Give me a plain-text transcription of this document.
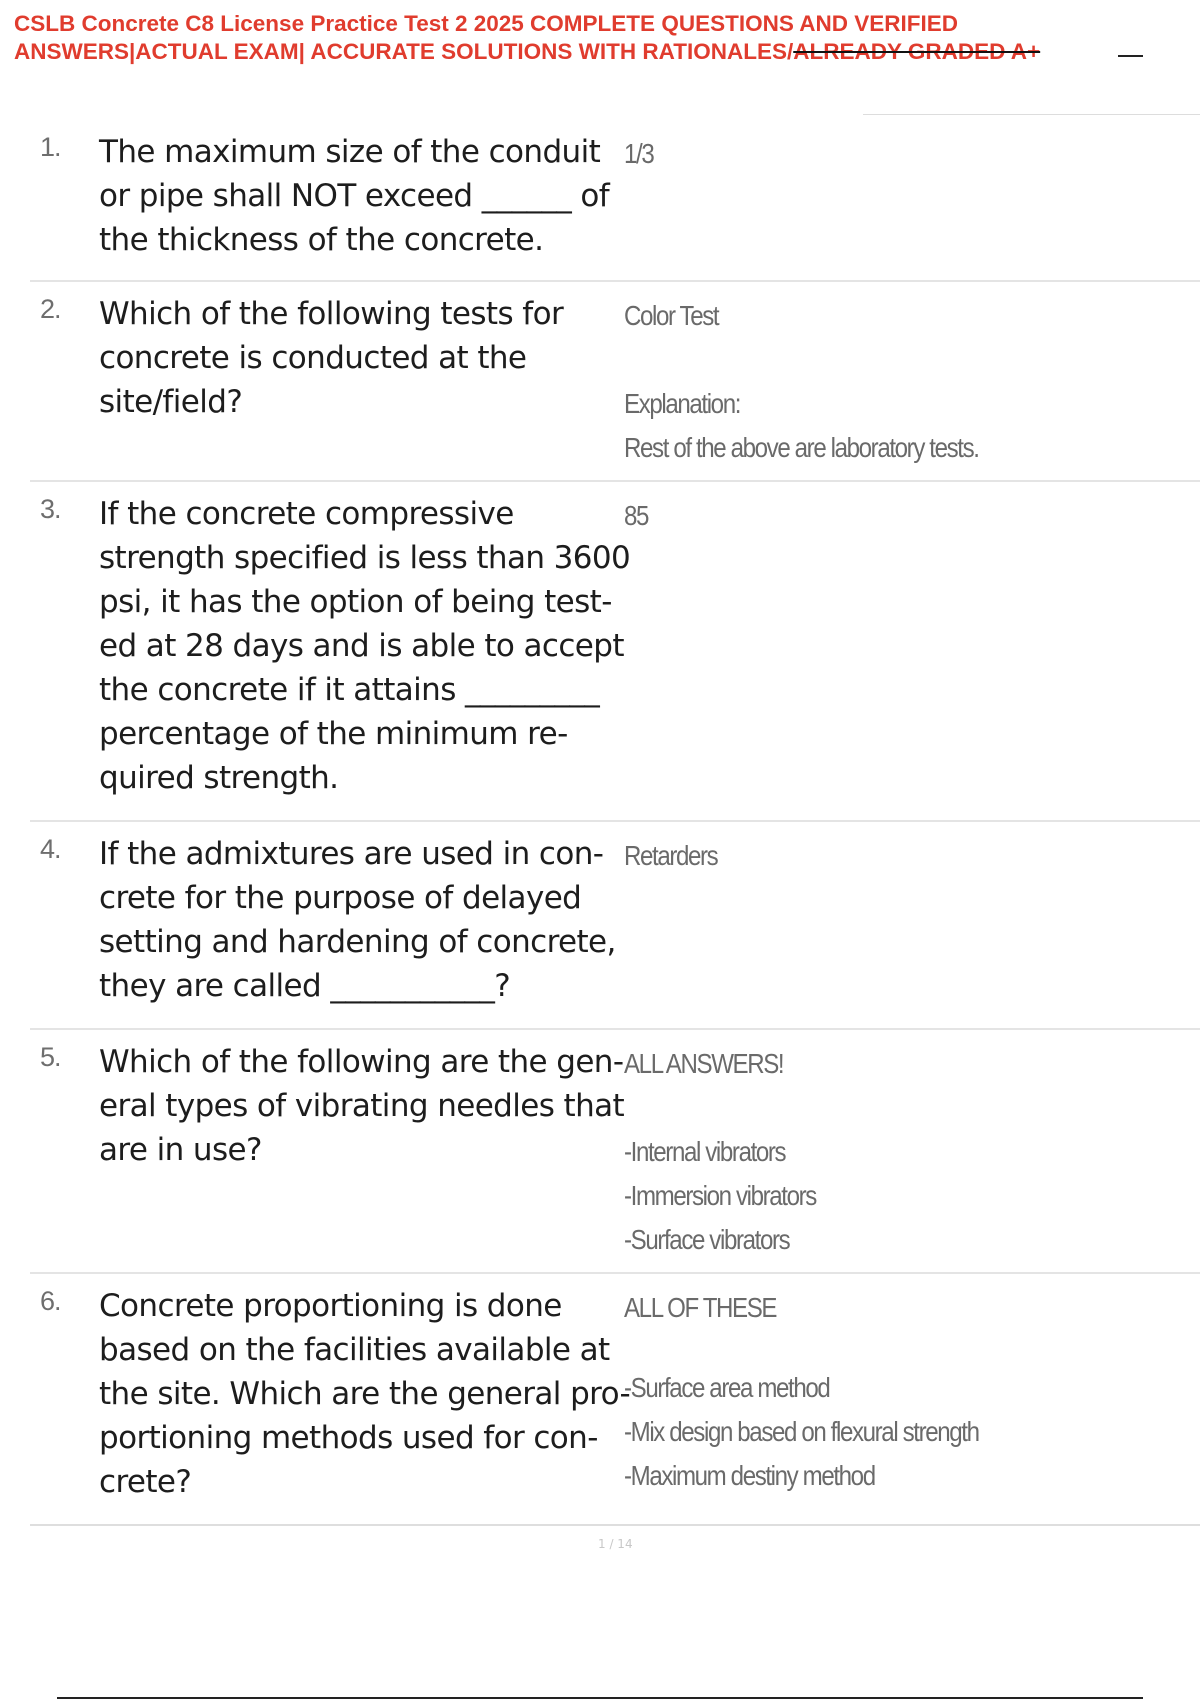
CSLB Concrete C8 License Practice Test 2 2025 COMPLETE QUESTIONS AND VERIFIED
ANSWERS|ACTUAL EXAM| ACCURATE SOLUTIONS WITH RATIONALES/ALREADY GRADED A+
1. The maximum size of the conduit
or pipe shall NOT exceed ______ of
the thickness of the concrete.
1/3
2. Which of the following tests for
concrete is conducted at the
site/field?
Color Test
Explanation:
Rest of the above are laboratory tests.
3. If the concrete compressive
strength specified is less than 3600
psi, it has the option of being test-
ed at 28 days and is able to accept
the concrete if it attains _________
percentage of the minimum re-
quired strength.
85
4. If the admixtures are used in con-
crete for the purpose of delayed
setting and hardening of concrete,
they are called ___________?
Retarders
5. Which of the following are the gen-
eral types of vibrating needles that
are in use?
ALL ANSWERS!
-Internal vibrators
-Immersion vibrators
-Surface vibrators
6. Concrete proportioning is done
based on the facilities available at
the site. Which are the general pro-
portioning methods used for con-
crete?
ALL OF THESE
-Surface area method
-Mix design based on flexural strength
-Maximum destiny method
1 / 14
